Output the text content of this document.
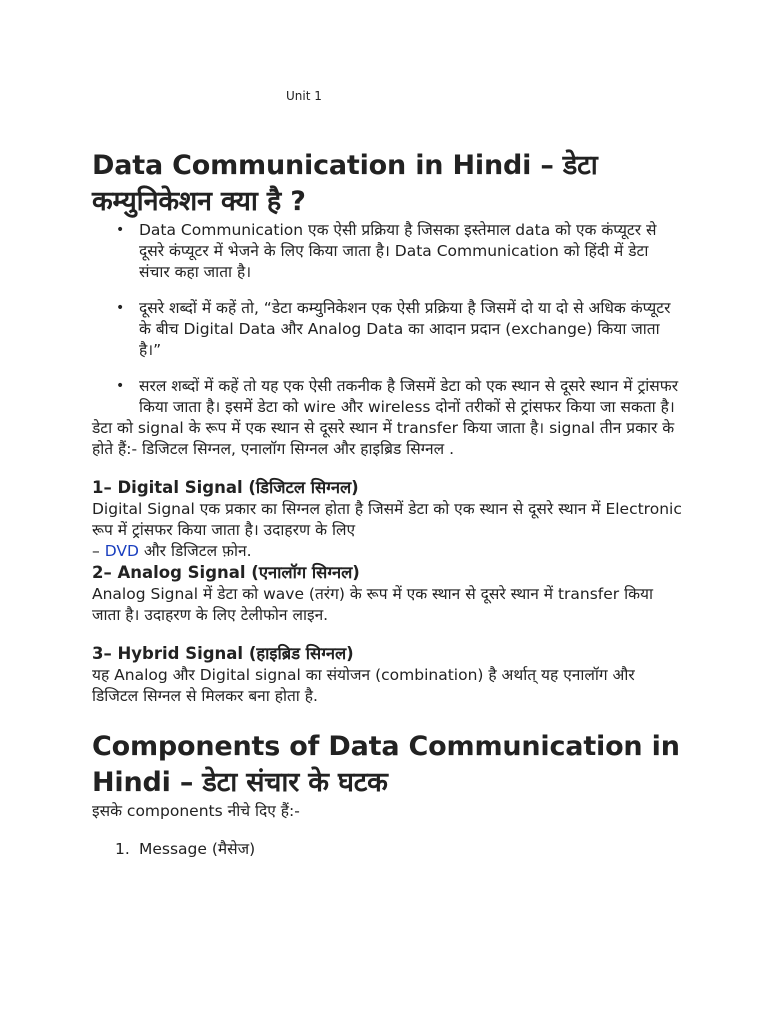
Unit 1
Data Communication in Hindi – डेटा
कम्युनिकेशन क्या है ?
• Data Communication एक ऐसी प्रक्रिया है जिसका इस्तेमाल data को एक कंप्यूटर से दूसरे कंप्यूटर में भेजने के लिए किया जाता है। Data Communication को हिंदी में डेटा संचार कहा जाता है।
• दूसरे शब्दों में कहें तो, “डेटा कम्युनिकेशन एक ऐसी प्रक्रिया है जिसमें दो या दो से अधिक कंप्यूटर के बीच Digital Data और Analog Data का आदान प्रदान (exchange) किया जाता है।”
• सरल शब्दों में कहें तो यह एक ऐसी तकनीक है जिसमें डेटा को एक स्थान से दूसरे स्थान में ट्रांसफर किया जाता है। इसमें डेटा को wire और wireless दोनों तरीकों से ट्रांसफर किया जा सकता है।

डेटा को signal के रूप में एक स्थान से दूसरे स्थान में transfer किया जाता है। signal तीन प्रकार के होते हैं:- डिजिटल सिग्नल, एनालॉग सिग्नल और हाइब्रिड सिग्नल .

1– Digital Signal (डिजिटल सिग्नल)

Digital Signal एक प्रकार का सिग्नल होता है जिसमें डेटा को एक स्थान से दूसरे स्थान में Electronic रूप में ट्रांसफर किया जाता है। उदाहरण के लिए
– DVD और डिजिटल फ़ोन.

2– Analog Signal (एनालॉग सिग्नल)

Analog Signal में डेटा को wave (तरंग) के रूप में एक स्थान से दूसरे स्थान में transfer किया जाता है। उदाहरण के लिए टेलीफोन लाइन.

3– Hybrid Signal (हाइब्रिड सिग्नल)

यह Analog और Digital signal का संयोजन (combination) है अर्थात् यह एनालॉग और डिजिटल सिग्नल से मिलकर बना होता है.

Components of Data Communication in
Hindi – डेटा संचार के घटक

इसके components नीचे दिए हैं:-

1. Message (मैसेज)
